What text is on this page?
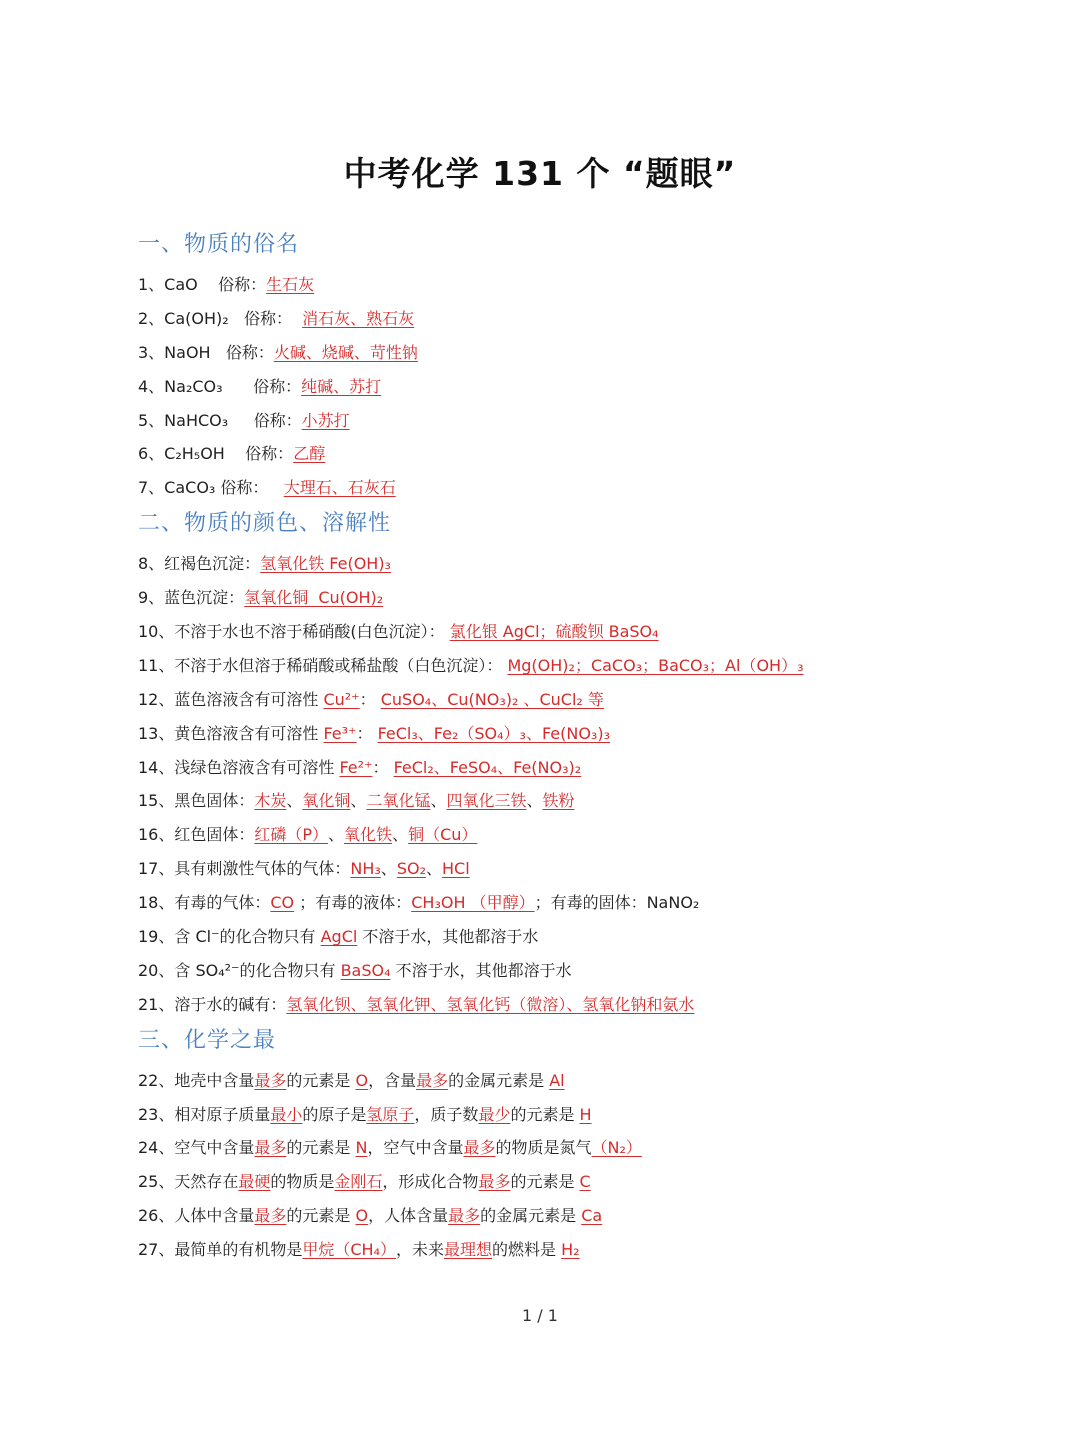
中考化学 131 个 “题眼”
一、物质的俗名
1、CaO    俗称： 生石灰
2、Ca(OH)₂   俗称： 消石灰、熟石灰
3、NaOH   俗称： 火碱、烧碱、苛性钠
4、Na₂CO₃      俗称： 纯碱、苏打
5、NaHCO₃     俗称： 小苏打
6、C₂H₅OH    俗称： 乙醇
7、CaCO₃ 俗称： 大理石、石灰石
二、物质的颜色、溶解性
8、红褐色沉淀： 氢氧化铁 Fe(OH)₃
9、蓝色沉淀： 氢氧化铜  Cu(OH)₂
10、不溶于水也不溶于稀硝酸(白色沉淀）： 氯化银 AgCl；硫酸钡 BaSO₄
11、不溶于水但溶于稀硝酸或稀盐酸（白色沉淀）： Mg(OH)₂；CaCO₃；BaCO₃；Al（OH）₃
12、蓝色溶液含有可溶性 Cu²⁺ ： CuSO₄、Cu(NO₃)₂ 、CuCl₂ 等
13、黄色溶液含有可溶性 Fe³⁺ ： FeCl₃、Fe₂（SO₄）₃、Fe(NO₃)₃
14、浅绿色溶液含有可溶性 Fe²⁺ ： FeCl₂、FeSO₄、Fe(NO₃)₂
15、黑色固体： 木炭 、 氧化铜 、 二氧化锰 、 四氧化三铁 、 铁粉
16、红色固体： 红磷（P） 、 氧化铁 、 铜（Cu）
17、具有刺激性气体的气体： NH₃ 、 SO₂ 、 HCl
18、有毒的气体： CO ；有毒的液体： CH₃OH （甲醇） ；有毒的固体：NaNO₂
19、含 Cl⁻的化合物只有 AgCl 不溶于水，其他都溶于水
20、含 SO₄²⁻的化合物只有 BaSO₄ 不溶于水，其他都溶于水
21、溶于水的碱有： 氢氧化钡、氢氧化钾、氢氧化钙（微溶）、氢氧化钠和氨水
三、化学之最
22、地壳中含量 最多 的元素是 O ，含量 最多 的金属元素是 Al
23、相对原子质量 最小 的原子是 氢原子 ，质子数 最少 的元素是 H
24、空气中含量 最多 的元素是 N ，空气中含量 最多 的物质是氮气 （N₂）
25、天然存在 最硬 的物质是 金刚石 ，形成化合物 最多 的元素是 C
26、人体中含量 最多 的元素是 O ，人体含量 最多 的金属元素是 Ca
27、最简单的有机物是 甲烷（CH₄） ，未来 最理想 的燃料是 H₂
1 / 1
